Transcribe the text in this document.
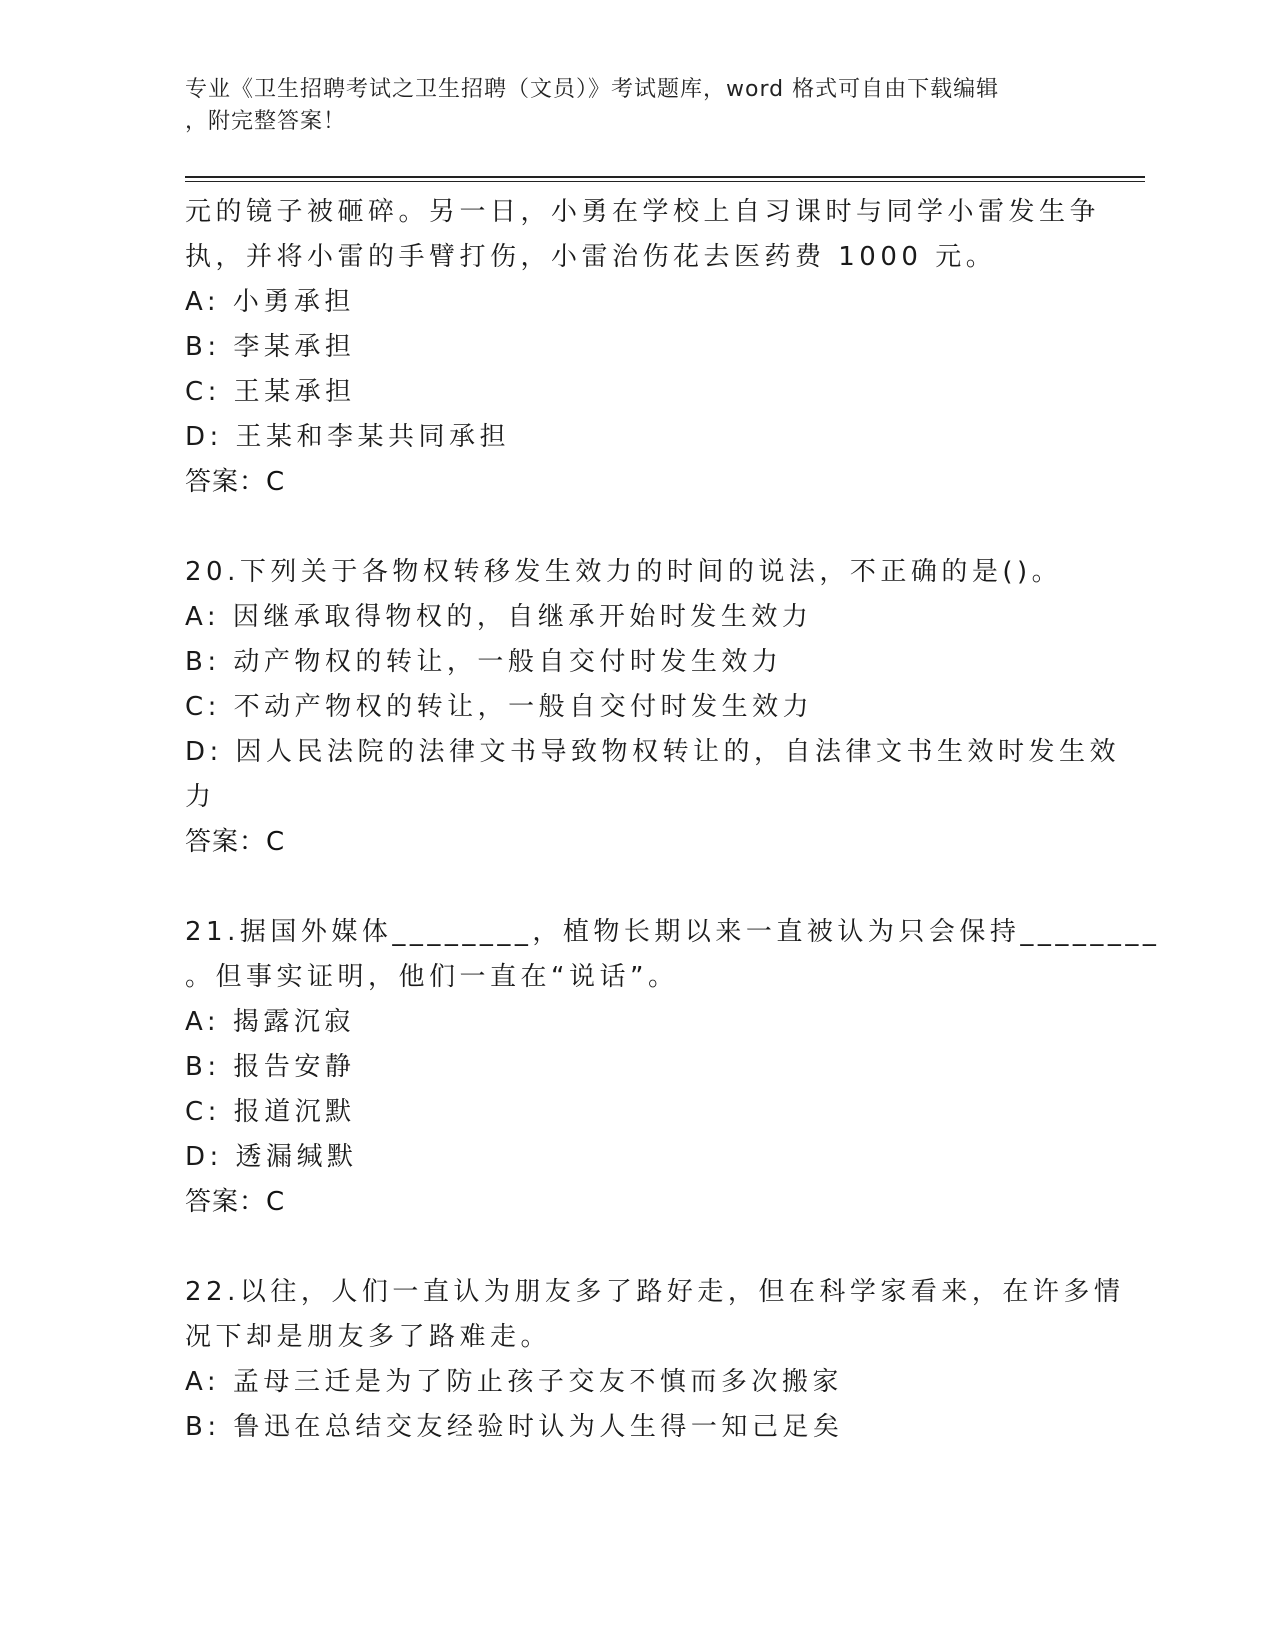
专业《卫生招聘考试之卫生招聘（文员）》考试题库，word 格式可自由下载编辑
，附完整答案！
元的镜子被砸碎。另一日，小勇在学校上自习课时与同学小雷发生争
执，并将小雷的手臂打伤，小雷治伤花去医药费 1000 元。
A: 小勇承担
B: 李某承担
C: 王某承担
D: 王某和李某共同承担
答案：C
20.下列关于各物权转移发生效力的时间的说法，不正确的是()。
A: 因继承取得物权的，自继承开始时发生效力
B: 动产物权的转让，一般自交付时发生效力
C: 不动产物权的转让，一般自交付时发生效力
D: 因人民法院的法律文书导致物权转让的，自法律文书生效时发生效
力
答案：C
21.据国外媒体________，植物长期以来一直被认为只会保持________
。但事实证明，他们一直在“说话”。
A: 揭露沉寂
B: 报告安静
C: 报道沉默
D: 透漏缄默
答案：C
22.以往，人们一直认为朋友多了路好走，但在科学家看来，在许多情
况下却是朋友多了路难走。
A: 孟母三迁是为了防止孩子交友不慎而多次搬家
B: 鲁迅在总结交友经验时认为人生得一知己足矣
